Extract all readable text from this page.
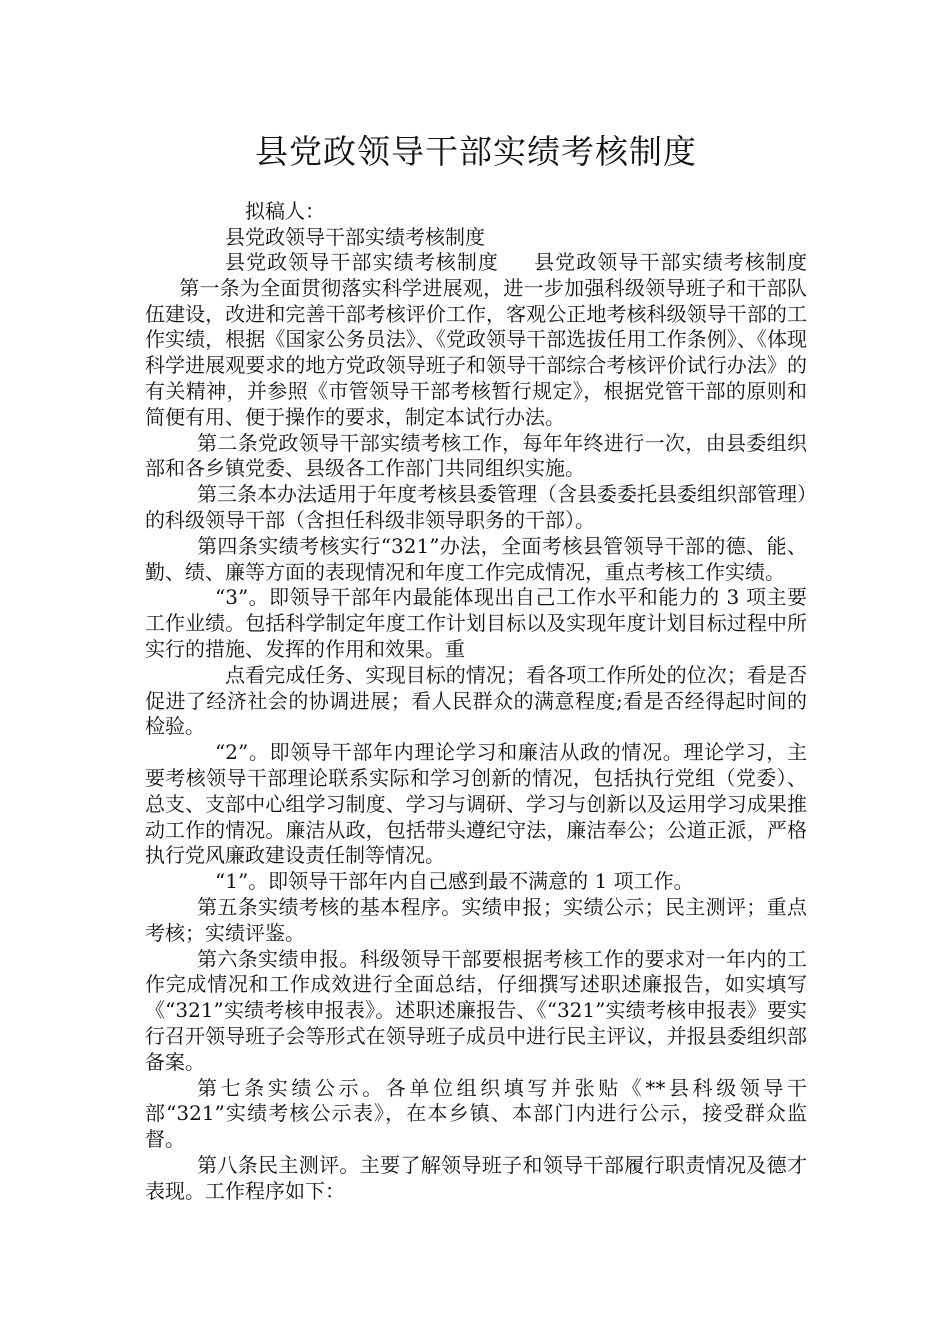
县党政领导干部实绩考核制度
拟稿人：
县党政领导干部实绩考核制度

县党政领导干部实绩考核制度 县党政领导干部实绩考核制度第一条为全面贯彻落实科学进展观，进一步加强科级领导班子和干部队伍建设，改进和完善干部考核评价工作，客观公正地考核科级领导干部的工作实绩，根据《国家公务员法》、《党政领导干部选拔任用工作条例》、《体现科学进展观要求的地方党政领导班子和领导干部综合考核评价试行办法》的有关精神，并参照《市管领导干部考核暂行规定》，根据党管干部的原则和简便有用、便于操作的要求，制定本试行办法。

第二条党政领导干部实绩考核工作，每年年终进行一次，由县委组织部和各乡镇党委、县级各工作部门共同组织实施。

第三条本办法适用于年度考核县委管理（含县委委托县委组织部管理）的科级领导干部（含担任科级非领导职务的干部）。

第四条实绩考核实行“321”办法，全面考核县管领导干部的德、能、勤、绩、廉等方面的表现情况和年度工作完成情况，重点考核工作实绩。

“3”。即领导干部年内最能体现出自己工作水平和能力的 3 项主要工作业绩。包括科学制定年度工作计划目标以及实现年度计划目标过程中所实行的措施、发挥的作用和效果。重

点看完成任务、实现目标的情况；看各项工作所处的位次；看是否促进了经济社会的协调进展；看人民群众的满意程度;看是否经得起时间的检验。

“2”。即领导干部年内理论学习和廉洁从政的情况。理论学习，主要考核领导干部理论联系实际和学习创新的情况，包括执行党组（党委）、总支、支部中心组学习制度、学习与调研、学习与创新以及运用学习成果推动工作的情况。廉洁从政，包括带头遵纪守法，廉洁奉公；公道正派，严格执行党风廉政建设责任制等情况。

“1”。即领导干部年内自己感到最不满意的 1 项工作。

第五条实绩考核的基本程序。实绩申报；实绩公示；民主测评；重点考核；实绩评鉴。

第六条实绩申报。科级领导干部要根据考核工作的要求对一年内的工作完成情况和工作成效进行全面总结，仔细撰写述职述廉报告，如实填写《“321”实绩考核申报表》。述职述廉报告、《“321”实绩考核申报表》要实行召开领导班子会等形式在领导班子成员中进行民主评议，并报县委组织部备案。

第七条实绩公示。各单位组织填写并张贴《**县科级领导干部“321”实绩考核公示表》，在本乡镇、本部门内进行公示，接受群众监督。

第八条民主测评。主要了解领导班子和领导干部履行职责情况及德才表现。工作程序如下：
